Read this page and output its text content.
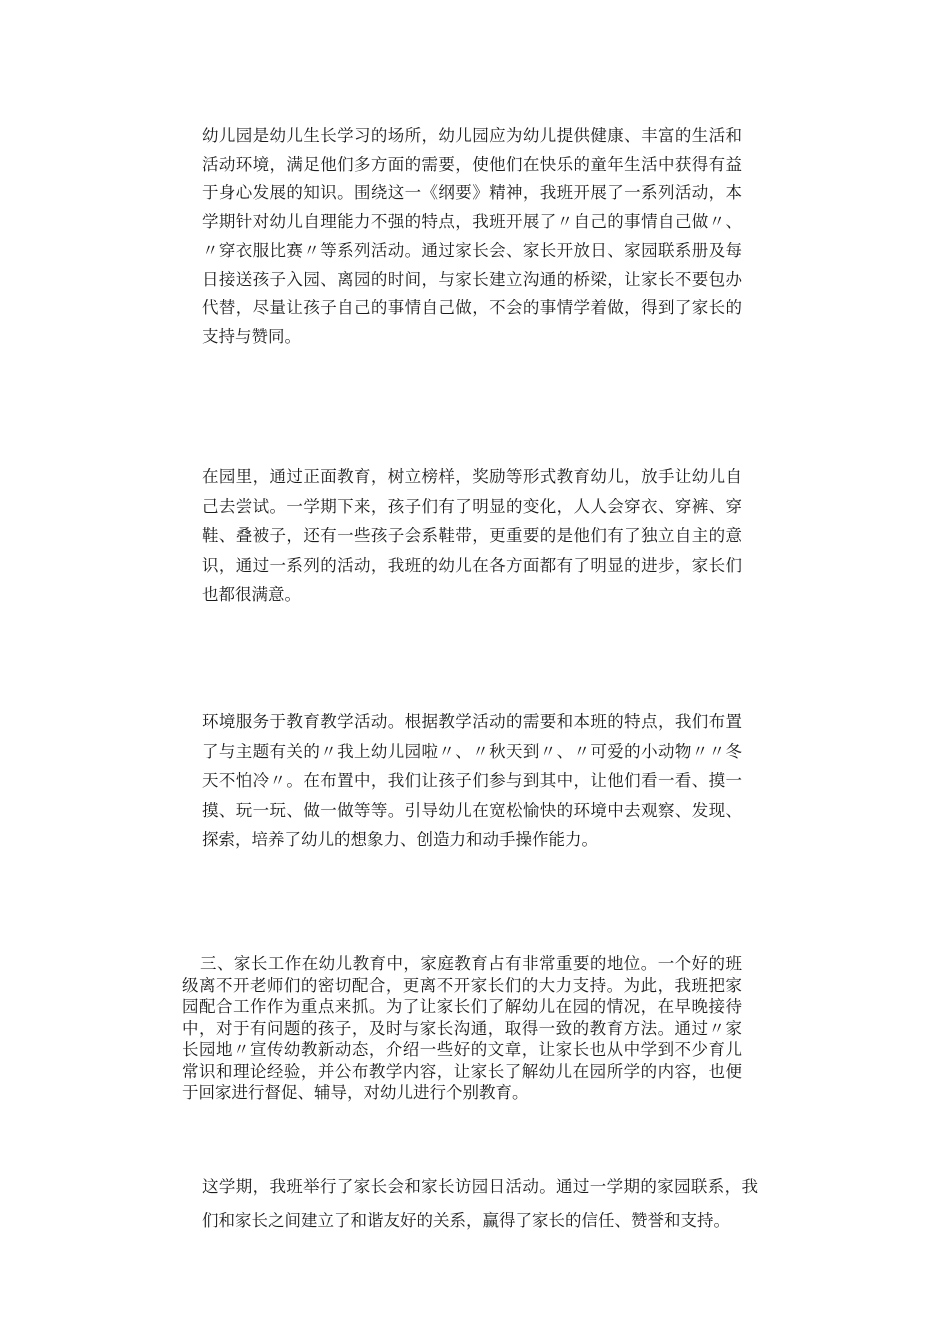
幼儿园是幼儿生长学习的场所，幼儿园应为幼儿提供健康、丰富的生活和活动环境，满足他们多方面的需要，使他们在快乐的童年生活中获得有益于身心发展的知识。围绕这一《纲要》精神，我班开展了一系列活动，本学期针对幼儿自理能力不强的特点，我班开展了〃自己的事情自己做〃、〃穿衣服比赛〃等系列活动。通过家长会、家长开放日、家园联系册及每日接送孩子入园、离园的时间，与家长建立沟通的桥梁，让家长不要包办代替，尽量让孩子自己的事情自己做，不会的事情学着做，得到了家长的支持与赞同。

在园里，通过正面教育，树立榜样，奖励等形式教育幼儿，放手让幼儿自己去尝试。一学期下来，孩子们有了明显的变化，人人会穿衣、穿裤、穿鞋、叠被子，还有一些孩子会系鞋带，更重要的是他们有了独立自主的意识，通过一系列的活动，我班的幼儿在各方面都有了明显的进步，家长们也都很满意。

环境服务于教育教学活动。根据教学活动的需要和本班的特点，我们布置了与主题有关的〃我上幼儿园啦〃、〃秋天到〃、〃可爱的小动物〃〃冬天不怕冷〃。在布置中，我们让孩子们参与到其中，让他们看一看、摸一摸、玩一玩、做一做等等。引导幼儿在宽松愉快的环境中去观察、发现、探索，培养了幼儿的想象力、创造力和动手操作能力。

三、家长工作在幼儿教育中，家庭教育占有非常重要的地位。一个好的班级离不开老师们的密切配合，更离不开家长们的大力支持。为此，我班把家园配合工作作为重点来抓。为了让家长们了解幼儿在园的情况，在早晚接待中，对于有问题的孩子，及时与家长沟通，取得一致的教育方法。通过〃家长园地〃宣传幼教新动态，介绍一些好的文章，让家长也从中学到不少育儿常识和理论经验，并公布教学内容，让家长了解幼儿在园所学的内容，也便于回家进行督促、辅导，对幼儿进行个别教育。

这学期，我班举行了家长会和家长访园日活动。通过一学期的家园联系，我们和家长之间建立了和谐友好的关系，赢得了家长的信任、赞誉和支持。
